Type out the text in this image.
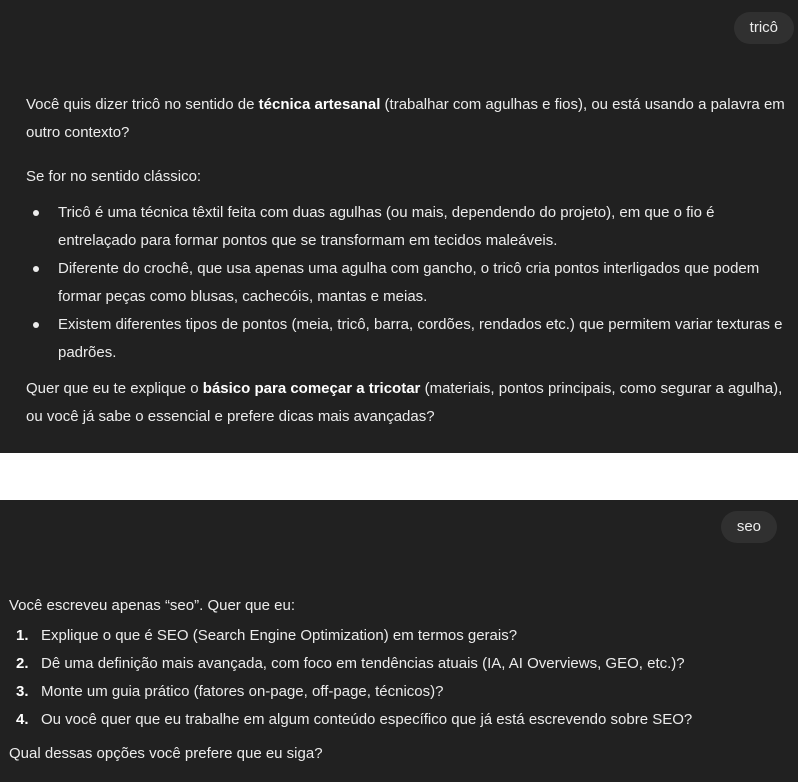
tricô

Você quis dizer tricô no sentido de técnica artesanal (trabalhar com agulhas e fios), ou está usando a palavra em outro contexto?

Se for no sentido clássico:

Tricô é uma técnica têxtil feita com duas agulhas (ou mais, dependendo do projeto), em que o fio é entrelaçado para formar pontos que se transformam em tecidos maleáveis.
Diferente do crochê, que usa apenas uma agulha com gancho, o tricô cria pontos interligados que podem formar peças como blusas, cachecóis, mantas e meias.
Existem diferentes tipos de pontos (meia, tricô, barra, cordões, rendados etc.) que permitem variar texturas e padrões.

Quer que eu te explique o básico para começar a tricotar (materiais, pontos principais, como segurar a agulha), ou você já sabe o essencial e prefere dicas mais avançadas?

seo

Você escreveu apenas “seo”. Quer que eu:

1. Explique o que é SEO (Search Engine Optimization) em termos gerais?
2. Dê uma definição mais avançada, com foco em tendências atuais (IA, AI Overviews, GEO, etc.)?
3. Monte um guia prático (fatores on-page, off-page, técnicos)?
4. Ou você quer que eu trabalhe em algum conteúdo específico que já está escrevendo sobre SEO?

Qual dessas opções você prefere que eu siga?
